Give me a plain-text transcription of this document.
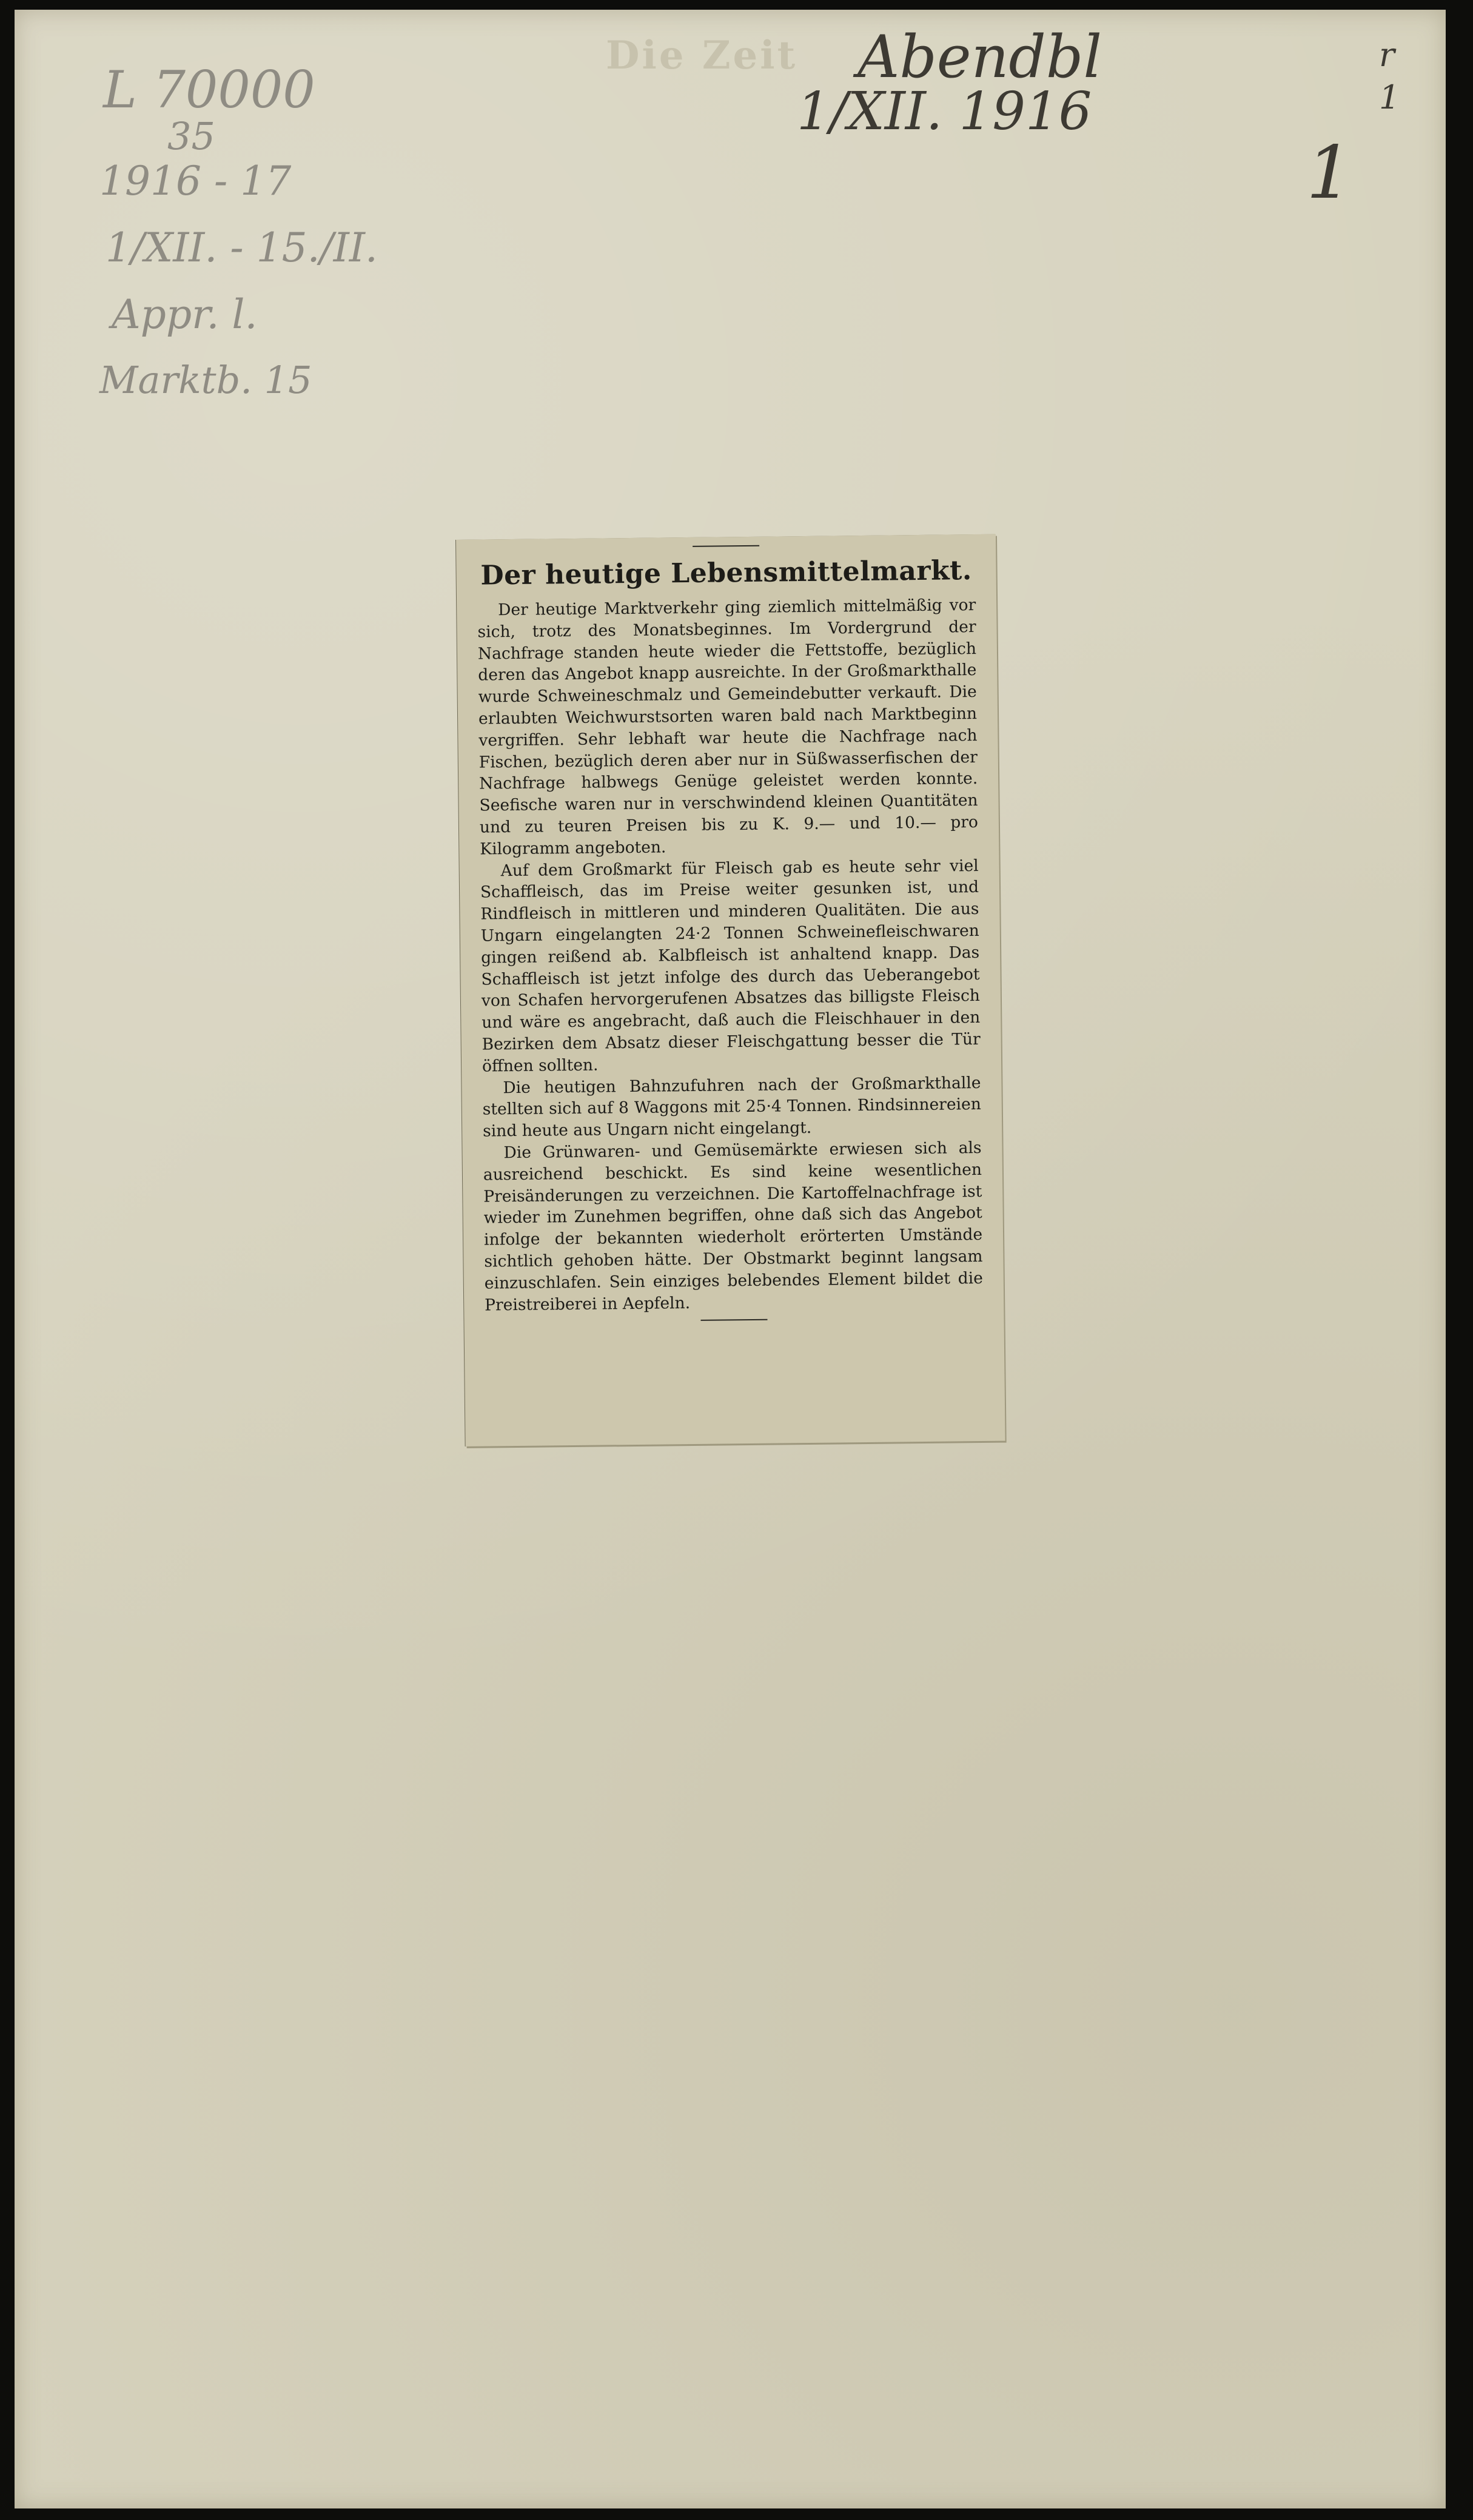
Die Zeit Abendbl
1/XII. 1916
L 70000
35
1916 - 17
1/XII. - 15./II.
Appr. l.
Marktb. 15
1
r
1
Der heutige Lebensmittelmarkt.

Der heutige Marktverkehr ging ziemlich mittelmäßig vor sich, trotz des Monatsbeginnes. Im Vordergrund der Nachfrage standen heute wieder die Fettstoffe, bezüglich deren das Angebot knapp ausreichte. In der Großmarkthalle wurde Schweineschmalz und Gemeindebutter verkauft. Die erlaubten Weichwurstsorten waren bald nach Marktbeginn vergriffen. Sehr lebhaft war heute die Nachfrage nach Fischen, bezüglich deren aber nur in Süßwasserfischen der Nachfrage halbwegs Genüge geleistet werden konnte. Seefische waren nur in verschwindend kleinen Quantitäten und zu teuren Preisen bis zu K. 9.— und 10.— pro Kilogramm angeboten.

Auf dem Großmarkt für Fleisch gab es heute sehr viel Schaffleisch, das im Preise weiter gesunken ist, und Rindfleisch in mittleren und minderen Qualitäten. Die aus Ungarn eingelangten 24·2 Tonnen Schweinefleischwaren gingen reißend ab. Kalbfleisch ist anhaltend knapp. Das Schaffleisch ist jetzt infolge des durch das Ueberangebot von Schafen hervorgerufenen Absatzes das billigste Fleisch und wäre es angebracht, daß auch die Fleischhauer in den Bezirken dem Absatz dieser Fleischgattung besser die Tür öffnen sollten.

Die heutigen Bahnzufuhren nach der Großmarkthalle stellten sich auf 8 Waggons mit 25·4 Tonnen. Rindsinnereien sind heute aus Ungarn nicht eingelangt.

Die Grünwaren- und Gemüsemärkte erwiesen sich als ausreichend beschickt. Es sind keine wesentlichen Preisänderungen zu verzeichnen. Die Kartoffelnachfrage ist wieder im Zunehmen begriffen, ohne daß sich das Angebot infolge der bekannten wiederholt erörterten Umstände sichtlich gehoben hätte. Der Obstmarkt beginnt langsam einzuschlafen. Sein einziges belebendes Element bildet die Preistreiberei in Aepfeln.
